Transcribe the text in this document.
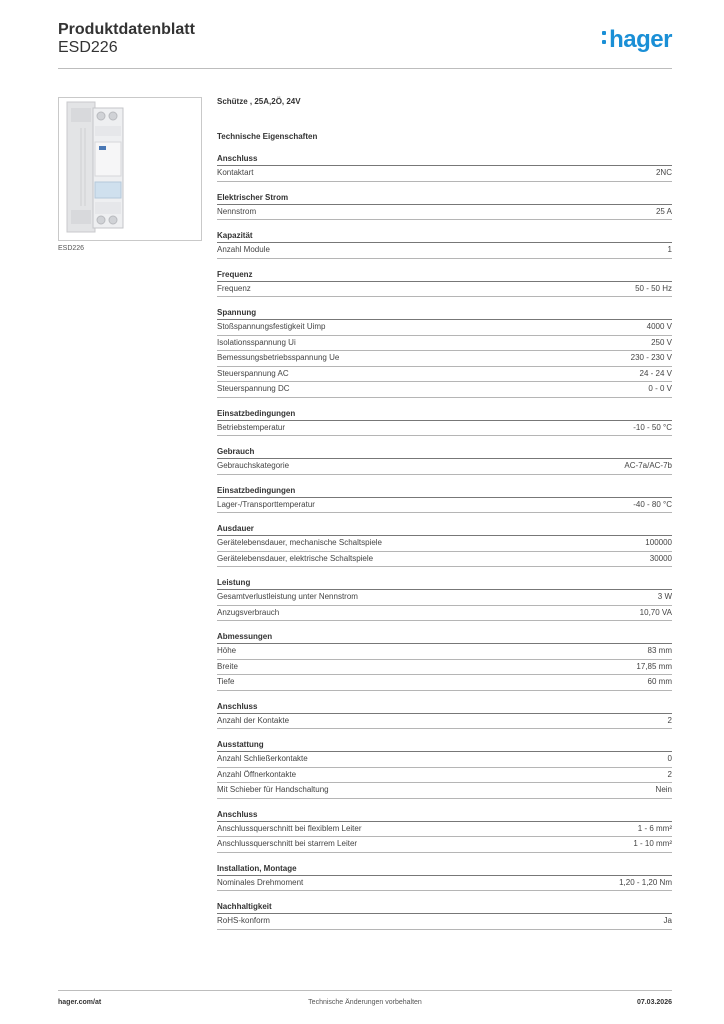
Produktdatenblatt
ESD226	hager
ESD226
Schütze , 25A,2Ö, 24V
Technische Eigenschaften
Anschluss
Kontaktart	2NC
Elektrischer Strom
Nennstrom	25 A
Kapazität
Anzahl Module	1
Frequenz
Frequenz	50 - 50 Hz
Spannung
Stoßspannungsfestigkeit Uimp	4000 V
Isolationsspannung Ui	250 V
Bemessungsbetriebsspannung Ue	230 - 230 V
Steuerspannung AC	24 - 24 V
Steuerspannung DC	0 - 0 V
Einsatzbedingungen
Betriebstemperatur	-10 - 50 °C
Gebrauch
Gebrauchskategorie	AC-7a/AC-7b
Einsatzbedingungen
Lager-/Transporttemperatur	-40 - 80 °C
Ausdauer
Gerätelebensdauer, mechanische Schaltspiele	100000
Gerätelebensdauer, elektrische Schaltspiele	30000
Leistung
Gesamtverlustleistung unter Nennstrom	3 W
Anzugsverbrauch	10,70 VA
Abmessungen
Höhe	83 mm
Breite	17,85 mm
Tiefe	60 mm
Anschluss
Anzahl der Kontakte	2
Ausstattung
Anzahl Schließerkontakte	0
Anzahl Öffnerkontakte	2
Mit Schieber für Handschaltung	Nein
Anschluss
Anschlussquerschnitt bei flexiblem Leiter	1 - 6 mm²
Anschlussquerschnitt bei starrem Leiter	1 - 10 mm²
Installation, Montage
Nominales Drehmoment	1,20 - 1,20 Nm
Nachhaltigkeit
RoHS-konform	Ja
hager.com/at	Technische Änderungen vorbehalten	07.03.2026
